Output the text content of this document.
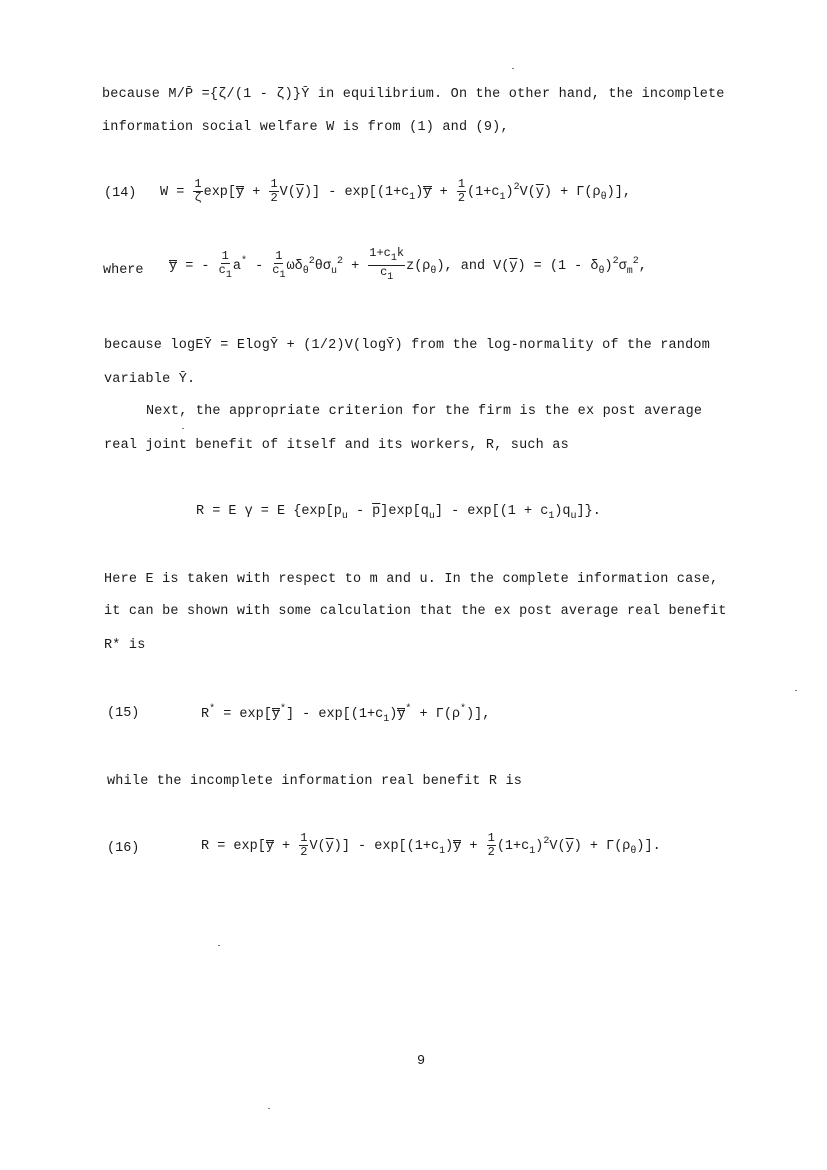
because M/P̄ ={ζ/(1 - ζ)}Ȳ in equilibrium. On the other hand, the incomplete
information social welfare W is from (1) and (9),
(14) $W = \frac{1}{\zeta} \exp[y + \frac{1}{2} V(\overline{y})] - \exp[(1+c_1)y + \frac{1}{2} (1+c_1)^2V(\overline{y}) + \Gamma(\rho_\theta)]$,
where y = - $\frac{1}{c_1} a^* - \frac{1}{c_1} \omega\delta_\theta^2\theta\sigma_u^2 + \frac{1+c_1k}{c_1} z(\rho_\theta)$, and $V(\overline{y}) = (1 - \delta_\theta)^2\sigma_m^2$,
because logEȲ = ElogȲ + (1/2)V(logȲ) from the log-normality of the random
variable Ȳ.
Next, the appropriate criterion for the firm is the ex post average
real joint benefit of itself and its workers, R, such as
R = E γ = E $\{\exp[p_u - \overline{p}]\exp[q_u] - \exp[(1 + c_1)q_u]\}$.
Here E is taken with respect to m and u. In the complete information case,
it can be shown with some calculation that the ex post average real benefit
R* is
(15)	$R^* = \exp[y^*] - \exp[(1+c_1)y^* + \Gamma(\rho^*)]$,
while the incomplete information real benefit R is
(16)	$R = \exp[y + \frac{1}{2} V(\overline{y})] - \exp[(1+c_1)y + \frac{1}{2} (1+c_1)^2V(\overline{y}) + \Gamma(\rho_\theta)]$.
9
